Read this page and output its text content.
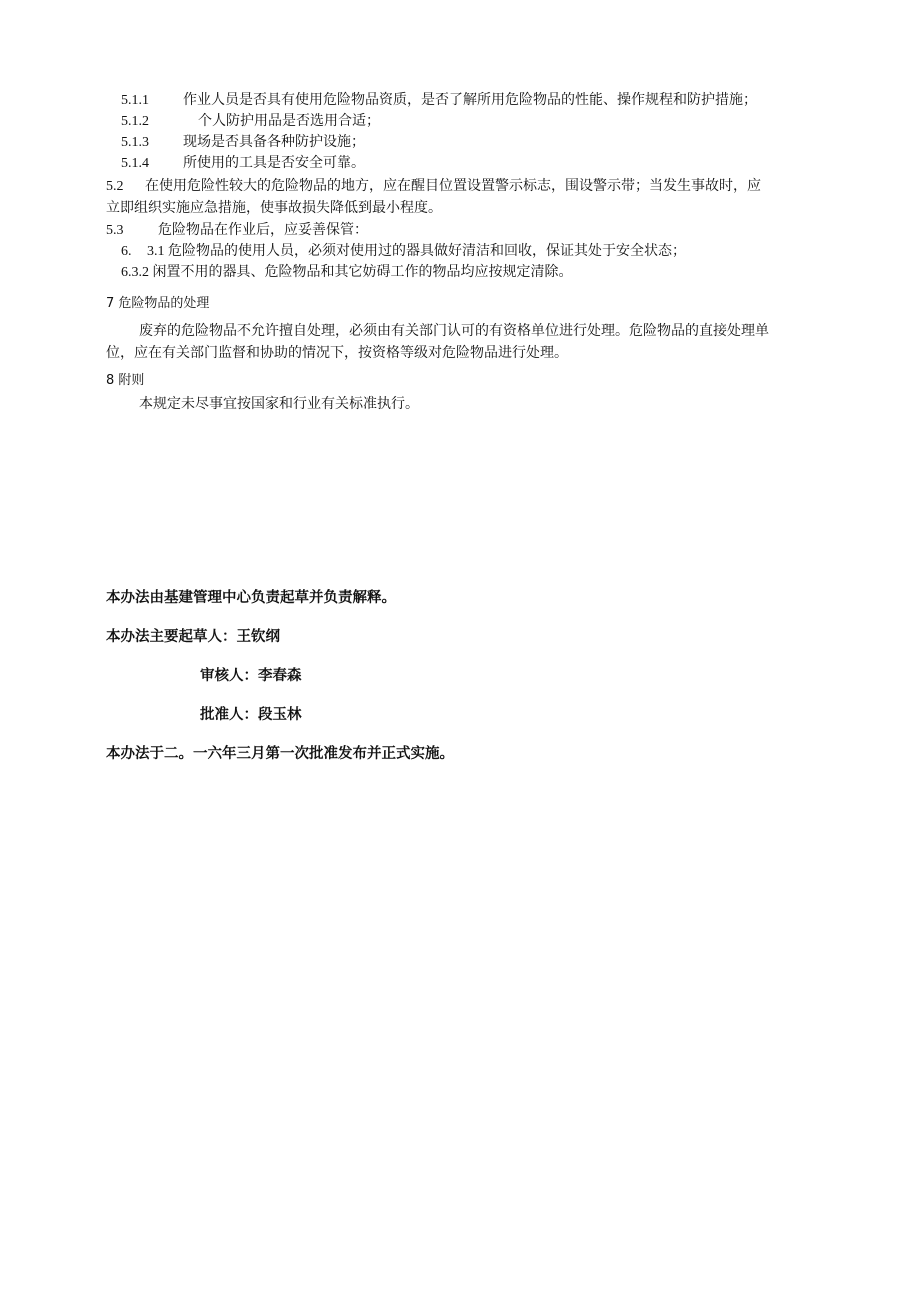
5.1.1 作业人员是否具有使用危险物品资质，是否了解所用危险物品的性能、操作规程和防护措施；
5.1.2	个人防护用品是否选用合适；
5.1.3 现场是否具备各种防护设施；
5.1.4 所使用的工具是否安全可靠。
5.2 在使用危险性较大的危险物品的地方，应在醒目位置设置警示标志，围设警示带；当发生事故时，应
立即组织实施应急措施，使事故损失降低到最小程度。
5.3 危险物品在作业后，应妥善保管：
6. 3.1 危险物品的使用人员，必须对使用过的器具做好清洁和回收，保证其处于安全状态；
6.3.2 闲置不用的器具、危险物品和其它妨碍工作的物品均应按规定清除。
7 危险物品的处理
废弃的危险物品不允许擅自处理，必须由有关部门认可的有资格单位进行处理。危险物品的直接处理单
位，应在有关部门监督和协助的情况下，按资格等级对危险物品进行处理。
8 附则
本规定未尽事宜按国家和行业有关标准执行。
本办法由基建管理中心负责起草并负责解释。
本办法主要起草人：王钦纲
审核人：李春森
批准人：段玉林
本办法于二。一六年三月第一次批准发布并正式实施。
